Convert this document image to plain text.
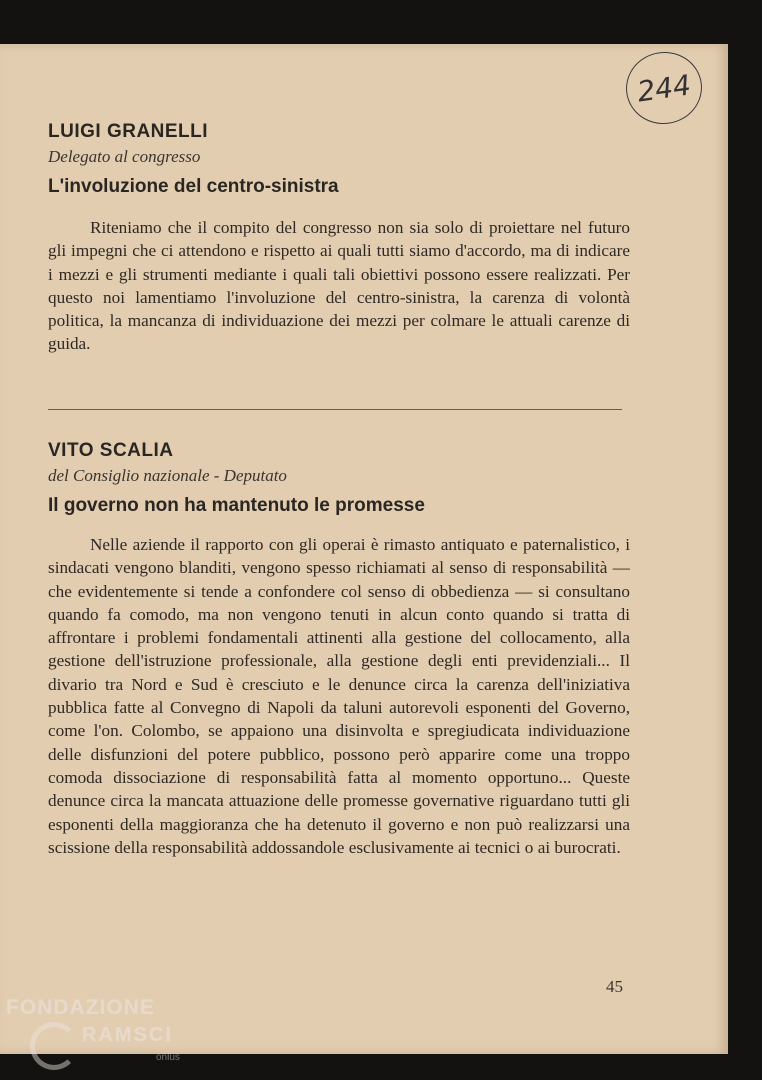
244

LUIGI GRANELLI

Delegato al congresso

L'involuzione del centro-sinistra

Riteniamo che il compito del congresso non sia solo di proiettare nel futuro gli impegni che ci attendono e rispetto ai quali tutti siamo d'accordo, ma di indicare i mezzi e gli strumenti mediante i quali tali obiettivi possono essere realizzati. Per questo noi lamentiamo l'involuzione del centro-sinistra, la carenza di volontà politica, la mancanza di individuazione dei mezzi per colmare le attuali carenze di guida.

VITO SCALIA

del Consiglio nazionale - Deputato

Il governo non ha mantenuto le promesse

Nelle aziende il rapporto con gli operai è rimasto antiquato e paternalistico, i sindacati vengono blanditi, vengono spesso richiamati al senso di responsabilità — che evidentemente si tende a confondere col senso di obbedienza — si consultano quando fa comodo, ma non vengono tenuti in alcun conto quando si tratta di affrontare i problemi fondamentali attinenti alla gestione del collocamento, alla gestione dell'istruzione professionale, alla gestione degli enti previdenziali... Il divario tra Nord e Sud è cresciuto e le denunce circa la carenza dell'iniziativa pubblica fatte al Convegno di Napoli da taluni autorevoli esponenti del Governo, come l'on. Colombo, se appaiono una disinvolta e spregiudicata individuazione delle disfunzioni del potere pubblico, possono però apparire come una troppo comoda dissociazione di responsabilità fatta al momento opportuno... Queste denunce circa la mancata attuazione delle promesse governative riguardano tutti gli esponenti della maggioranza che ha detenuto il governo e non può realizzarsi una scissione della responsabilità addossandole esclusivamente ai tecnici o ai burocrati.

45
FONDAZIONE
RAMSCI
onlus
